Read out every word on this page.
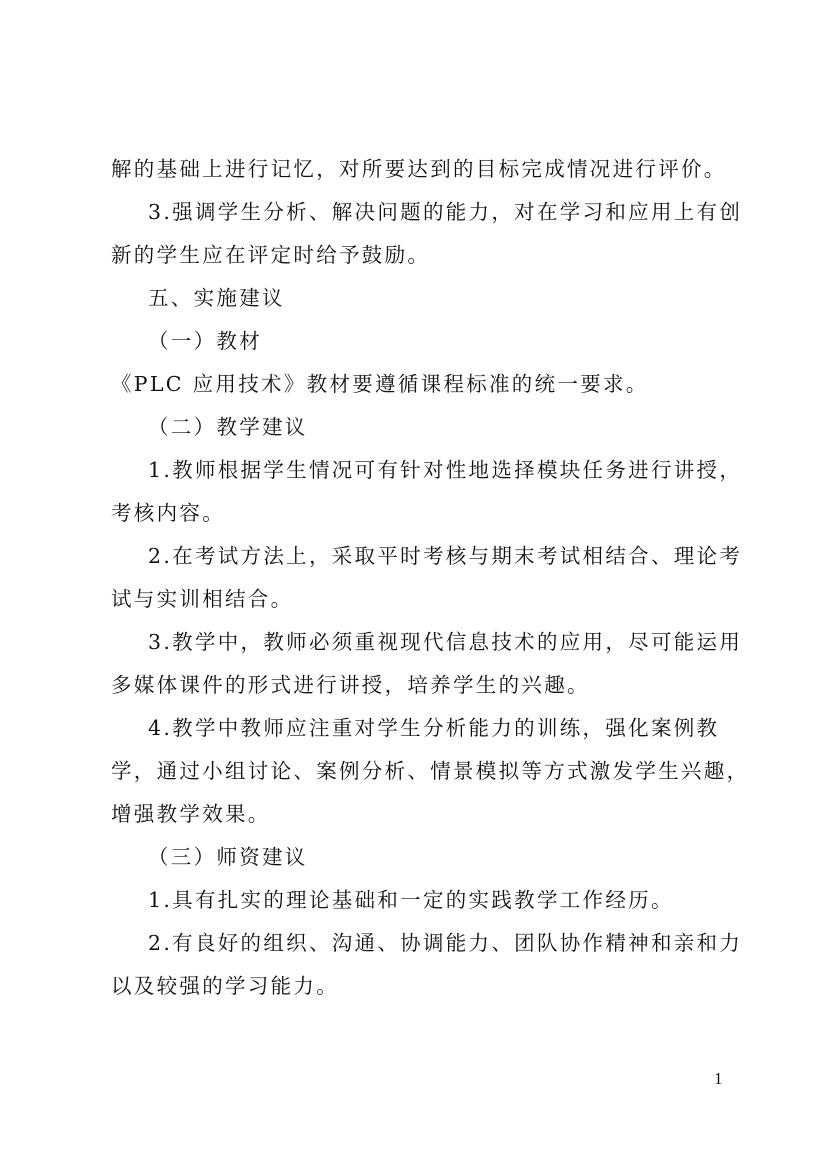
解的基础上进行记忆，对所要达到的目标完成情况进行评价。
3.强调学生分析、解决问题的能力，对在学习和应用上有创
新的学生应在评定时给予鼓励。
五、实施建议
（一）教材
《PLC 应用技术》教材要遵循课程标准的统一要求。
（二）教学建议
1.教师根据学生情况可有针对性地选择模块任务进行讲授，
考核内容。
2.在考试方法上，采取平时考核与期末考试相结合、理论考
试与实训相结合。
3.教学中，教师必须重视现代信息技术的应用，尽可能运用
多媒体课件的形式进行讲授，培养学生的兴趣。
4.教学中教师应注重对学生分析能力的训练，强化案例教
学，通过小组讨论、案例分析、情景模拟等方式激发学生兴趣，
增强教学效果。
（三）师资建议
1.具有扎实的理论基础和一定的实践教学工作经历。
2.有良好的组织、沟通、协调能力、团队协作精神和亲和力
以及较强的学习能力。
1
